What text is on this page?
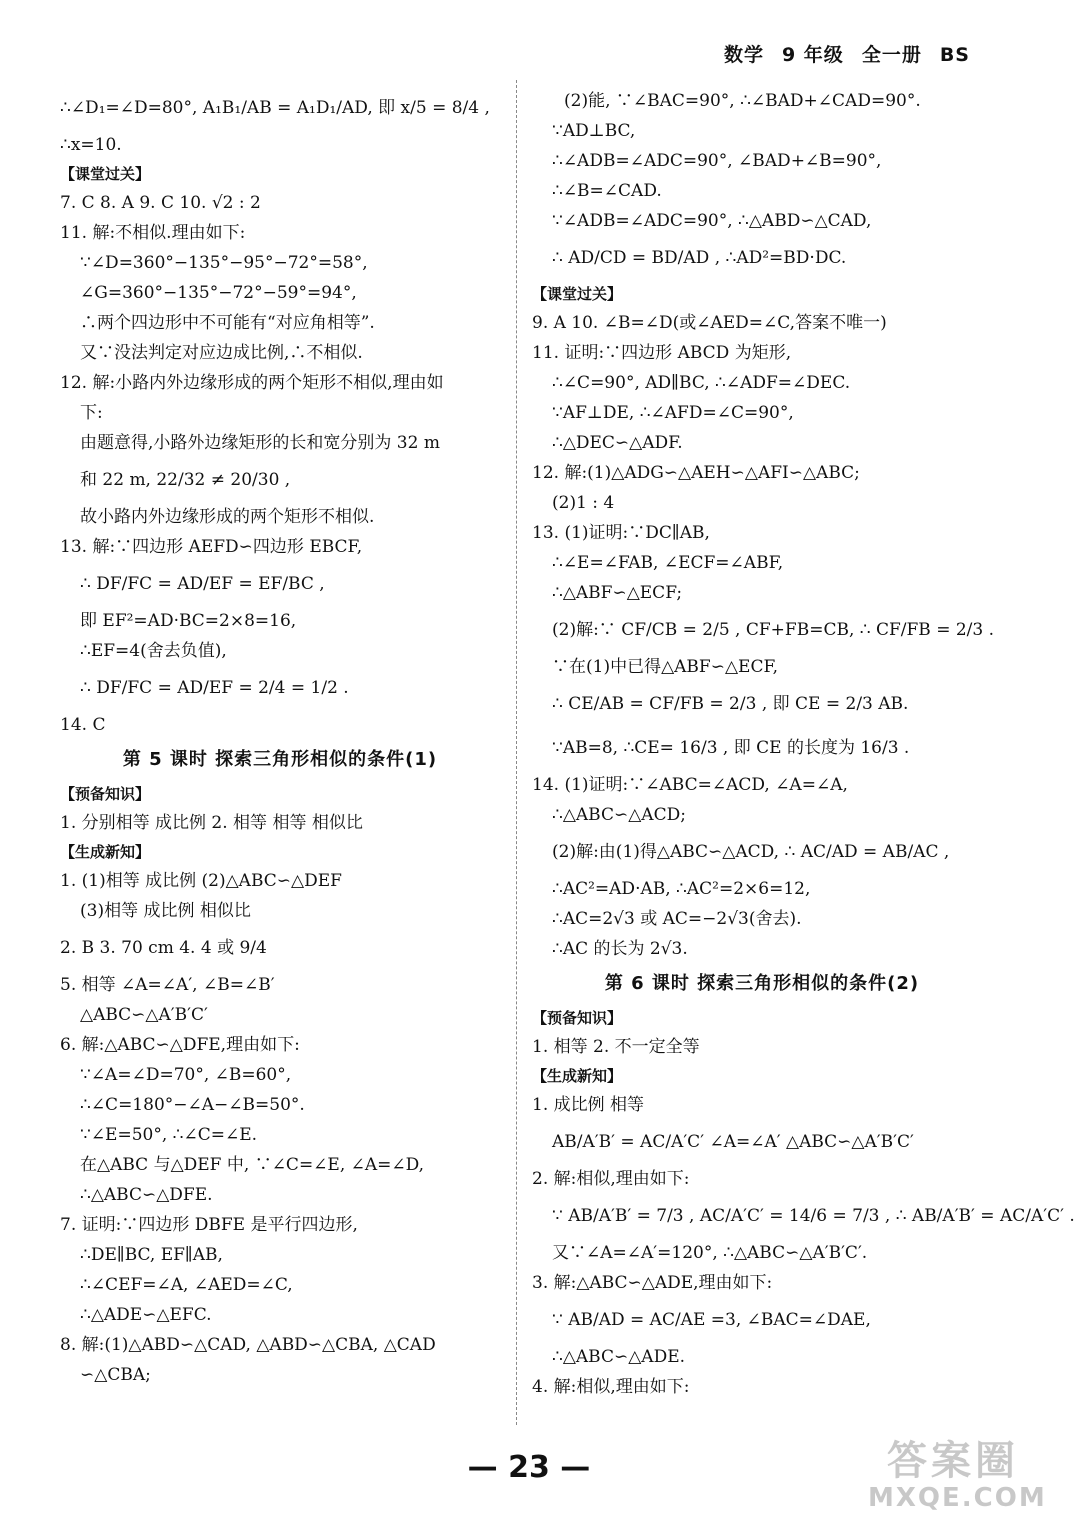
数学 9 年级 全一册 BS
∴∠D₁=∠D=80°, A₁B₁/AB = A₁D₁/AD, 即 x/5 = 8/4 ,
∴x=10.
【课堂过关】
7. C 8. A 9. C 10. √2 : 2
11. 解:不相似.理由如下:
∵∠D=360°−135°−95°−72°=58°,
∠G=360°−135°−72°−59°=94°,
∴两个四边形中不可能有“对应角相等”.
又∵没法判定对应边成比例,∴不相似.
12. 解:小路内外边缘形成的两个矩形不相似,理由如
下:
由题意得,小路外边缘矩形的长和宽分别为 32 m
和 22 m, 22/32 ≠ 20/30 ,
故小路内外边缘形成的两个矩形不相似.
13. 解:∵四边形 AEFD∽四边形 EBCF,
∴ DF/FC = AD/EF = EF/BC ,
即 EF²=AD·BC=2×8=16,
∴EF=4(舍去负值),
∴ DF/FC = AD/EF = 2/4 = 1/2 .
14. C
第 5 课时 探索三角形相似的条件(1)
【预备知识】
1. 分别相等 成比例 2. 相等 相等 相似比
【生成新知】
1. (1)相等 成比例 (2)△ABC∽△DEF
(3)相等 成比例 相似比
2. B 3. 70 cm 4. 4 或 9/4
5. 相等 ∠A=∠A′, ∠B=∠B′
△ABC∽△A′B′C′
6. 解:△ABC∽△DFE,理由如下:
∵∠A=∠D=70°, ∠B=60°,
∴∠C=180°−∠A−∠B=50°.
∵∠E=50°, ∴∠C=∠E.
在△ABC 与△DEF 中, ∵∠C=∠E, ∠A=∠D,
∴△ABC∽△DFE.
7. 证明:∵四边形 DBFE 是平行四边形,
∴DE∥BC, EF∥AB,
∴∠CEF=∠A, ∠AED=∠C,
∴△ADE∽△EFC.
8. 解:(1)△ABD∽△CAD, △ABD∽△CBA, △CAD
∽△CBA;
(2)能, ∵∠BAC=90°, ∴∠BAD+∠CAD=90°.
∵AD⊥BC,
∴∠ADB=∠ADC=90°, ∠BAD+∠B=90°,
∴∠B=∠CAD.
∵∠ADB=∠ADC=90°, ∴△ABD∽△CAD,
∴ AD/CD = BD/AD , ∴AD²=BD·DC.
【课堂过关】
9. A 10. ∠B=∠D(或∠AED=∠C,答案不唯一)
11. 证明:∵四边形 ABCD 为矩形,
∴∠C=90°, AD∥BC, ∴∠ADF=∠DEC.
∵AF⊥DE, ∴∠AFD=∠C=90°,
∴△DEC∽△ADF.
12. 解:(1)△ADG∽△AEH∽△AFI∽△ABC;
(2)1 : 4
13. (1)证明:∵DC∥AB,
∴∠E=∠FAB, ∠ECF=∠ABF,
∴△ABF∽△ECF;
(2)解:∵ CF/CB = 2/5 , CF+FB=CB, ∴ CF/FB = 2/3 .
∵在(1)中已得△ABF∽△ECF,
∴ CE/AB = CF/FB = 2/3 , 即 CE = 2/3 AB.
∵AB=8, ∴CE= 16/3 , 即 CE 的长度为 16/3 .
14. (1)证明:∵∠ABC=∠ACD, ∠A=∠A,
∴△ABC∽△ACD;
(2)解:由(1)得△ABC∽△ACD, ∴ AC/AD = AB/AC ,
∴AC²=AD·AB, ∴AC²=2×6=12,
∴AC=2√3 或 AC=−2√3(舍去).
∴AC 的长为 2√3.
第 6 课时 探索三角形相似的条件(2)
【预备知识】
1. 相等 2. 不一定全等
【生成新知】
1. 成比例 相等
AB/A′B′ = AC/A′C′ ∠A=∠A′ △ABC∽△A′B′C′
2. 解:相似,理由如下:
∵ AB/A′B′ = 7/3 , AC/A′C′ = 14/6 = 7/3 , ∴ AB/A′B′ = AC/A′C′ .
又∵∠A=∠A′=120°, ∴△ABC∽△A′B′C′.
3. 解:△ABC∽△ADE,理由如下:
∵ AB/AD = AC/AE =3, ∠BAC=∠DAE,
∴△ABC∽△ADE.
4. 解:相似,理由如下:
— 23 —	答案圈
MXQE.COM
